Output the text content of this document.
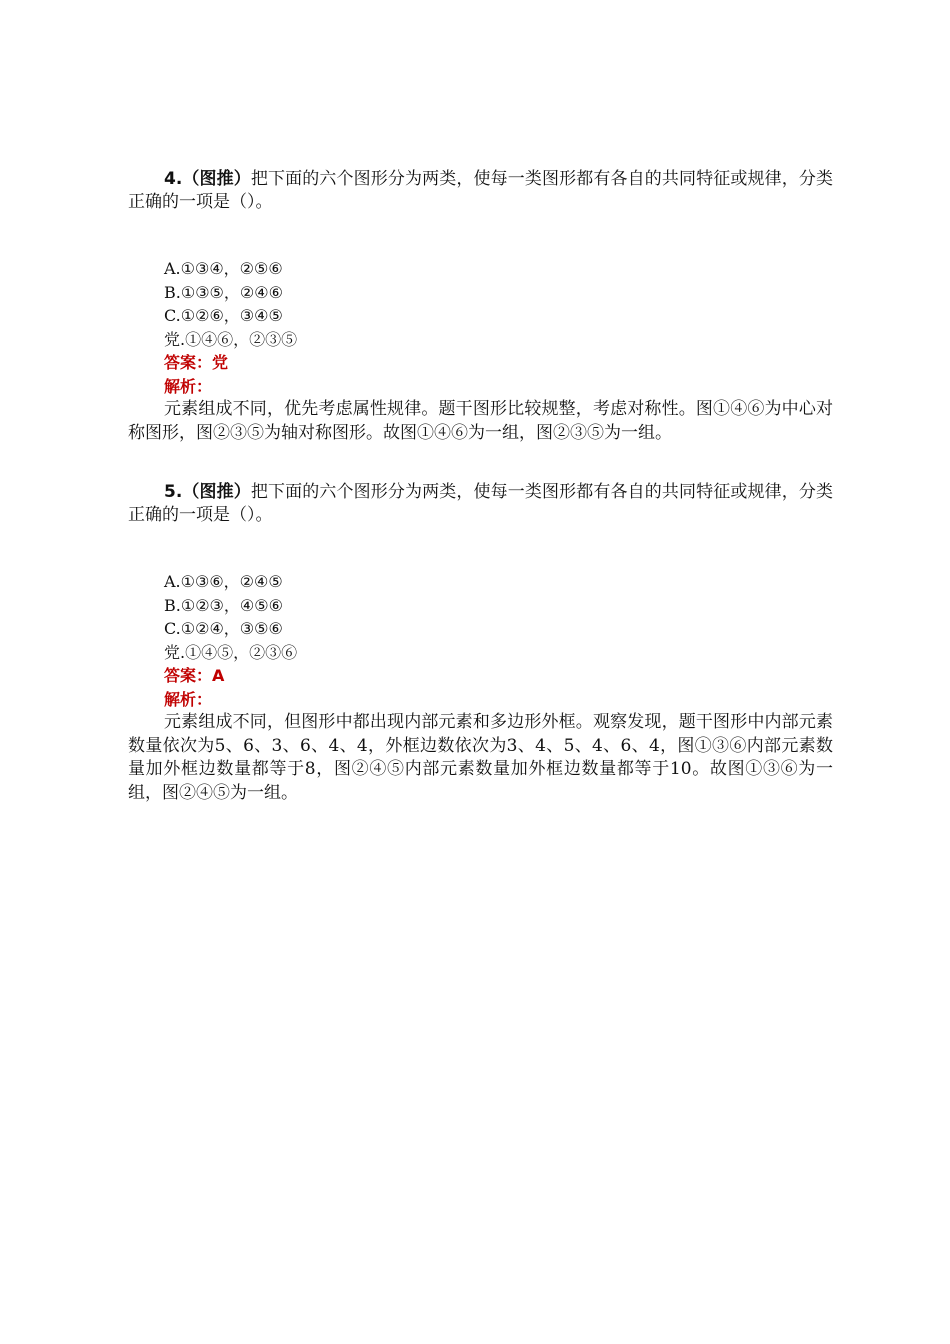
4.（图推）把下面的六个图形分为两类，使每一类图形都有各自的共同特征或规律，分类正确的一项是（）。

A.①③④，②⑤⑥
B.①③⑤，②④⑥
C.①②⑥，③④⑤
党.①④⑥，②③⑤
答案：党
解析：

元素组成不同，优先考虑属性规律。题干图形比较规整，考虑对称性。图①④⑥为中心对称图形，图②③⑤为轴对称图形。故图①④⑥为一组，图②③⑤为一组。

5.（图推）把下面的六个图形分为两类，使每一类图形都有各自的共同特征或规律，分类正确的一项是（）。

A.①③⑥，②④⑤
B.①②③，④⑤⑥
C.①②④，③⑤⑥
党.①④⑤，②③⑥
答案：A
解析：

元素组成不同，但图形中都出现内部元素和多边形外框。观察发现，题干图形中内部元素数量依次为5、6、3、6、4、4，外框边数依次为3、4、5、4、6、4，图①③⑥内部元素数量加外框边数量都等于8，图②④⑤内部元素数量加外框边数量都等于10。故图①③⑥为一组，图②④⑤为一组。
